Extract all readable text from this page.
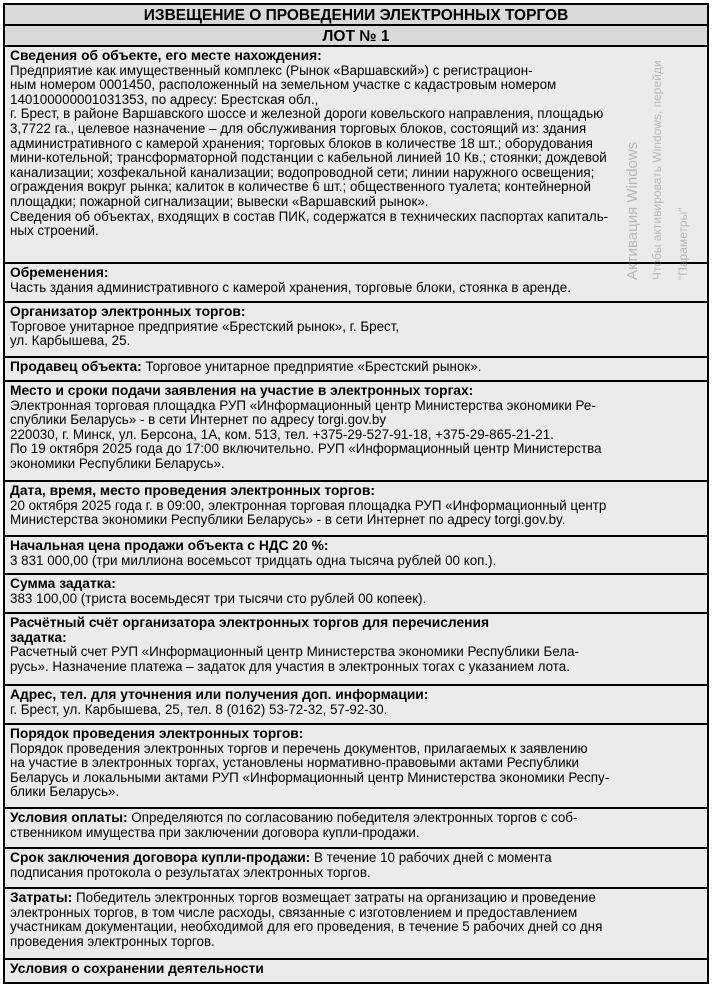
ИЗВЕЩЕНИЕ О ПРОВЕДЕНИИ ЭЛЕКТРОННЫХ ТОРГОВ
ЛОТ № 1

Сведения об объекте, его месте нахождения:

Предприятие как имущественный комплекс (Рынок «Варшавский») с регистрацион-

ным номером 0001450, расположенный на земельном участке с кадастровым номером

140100000001031353, по адресу: Брестская обл.,

г. Брест, в районе Варшавского шоссе и железной дороги ковельского направления, площадью

3,7722 га., целевое назначение – для обслуживания торговых блоков, состоящий из: здания

административного с камерой хранения; торговых блоков в количестве 18 шт.; оборудования

мини-котельной; трансформаторной подстанции с кабельной линией 10 Кв.; стоянки; дождевой

канализации; хозфекальной канализации; водопроводной сети; линии наружного освещения;

ограждения вокруг рынка; калиток в количестве 6 шт.; общественного туалета; контейнерной

площадки; пожарной сигнализации; вывески «Варшавский рынок».

Сведения об объектах, входящих в состав ПИК, содержатся в технических паспортах капиталь-

ных строений.

Обременения:

Часть здания административного с камерой хранения, торговые блоки, стоянка в аренде.

Организатор электронных торгов:

Торговое унитарное предприятие «Брестский рынок», г. Брест,

ул. Карбышева, 25.

Продавец объекта: Торговое унитарное предприятие «Брестский рынок».

Место и сроки подачи заявления на участие в электронных торгах:

Электронная торговая площадка РУП «Информационный центр Министерства экономики Ре-

спублики Беларусь» - в сети Интернет по адресу torgi.gov.by

220030, г. Минск, ул. Берсона, 1А, ком. 513, тел. +375-29-527-91-18, +375-29-865-21-21.

По 19 октября 2025 года до 17:00 включительно. РУП «Информационный центр Министерства

экономики Республики Беларусь».

Дата, время, место проведения электронных торгов:

20 октября 2025 года г. в 09:00, электронная торговая площадка РУП «Информационный центр

Министерства экономики Республики Беларусь» - в сети Интернет по адресу torgi.gov.by.

Начальная цена продажи объекта с НДС 20 %:

3 831 000,00 (три миллиона восемьсот тридцать одна тысяча рублей 00 коп.).

Сумма задатка:

383 100,00 (триста восемьдесят три тысячи сто рублей 00 копеек).

Расчётный счёт организатора электронных торгов для перечисления

задатка:

Расчетный счет РУП «Информационный центр Министерства экономики Республики Бела-

русь». Назначение платежа – задаток для участия в электронных тогах с указанием лота.

Адрес, тел. для уточнения или получения доп. информации:

г. Брест, ул. Карбышева, 25, тел. 8 (0162) 53-72-32, 57-92-30.

Порядок проведения электронных торгов:

Порядок проведения электронных торгов и перечень документов, прилагаемых к заявлению

на участие в электронных торгах, установлены нормативно-правовыми актами Республики

Беларусь и локальными актами РУП «Информационный центр Министерства экономики Респу-

блики Беларусь».

Условия оплаты: Определяются по согласованию победителя электронных торгов с соб-

ственником имущества при заключении договора купли-продажи.

Срок заключения договора купли-продажи: В течение 10 рабочих дней с момента

подписания протокола о результатах электронных торгов.

Затраты: Победитель электронных торгов возмещает затраты на организацию и проведение

электронных торгов, в том числе расходы, связанные с изготовлением и предоставлением

участникам документации, необходимой для его проведения, в течение 5 рабочих дней со дня

проведения электронных торгов.

Условия о сохранении деятельности

Активация Windows Чтобы активировать Windows, перейди "Параметры"
